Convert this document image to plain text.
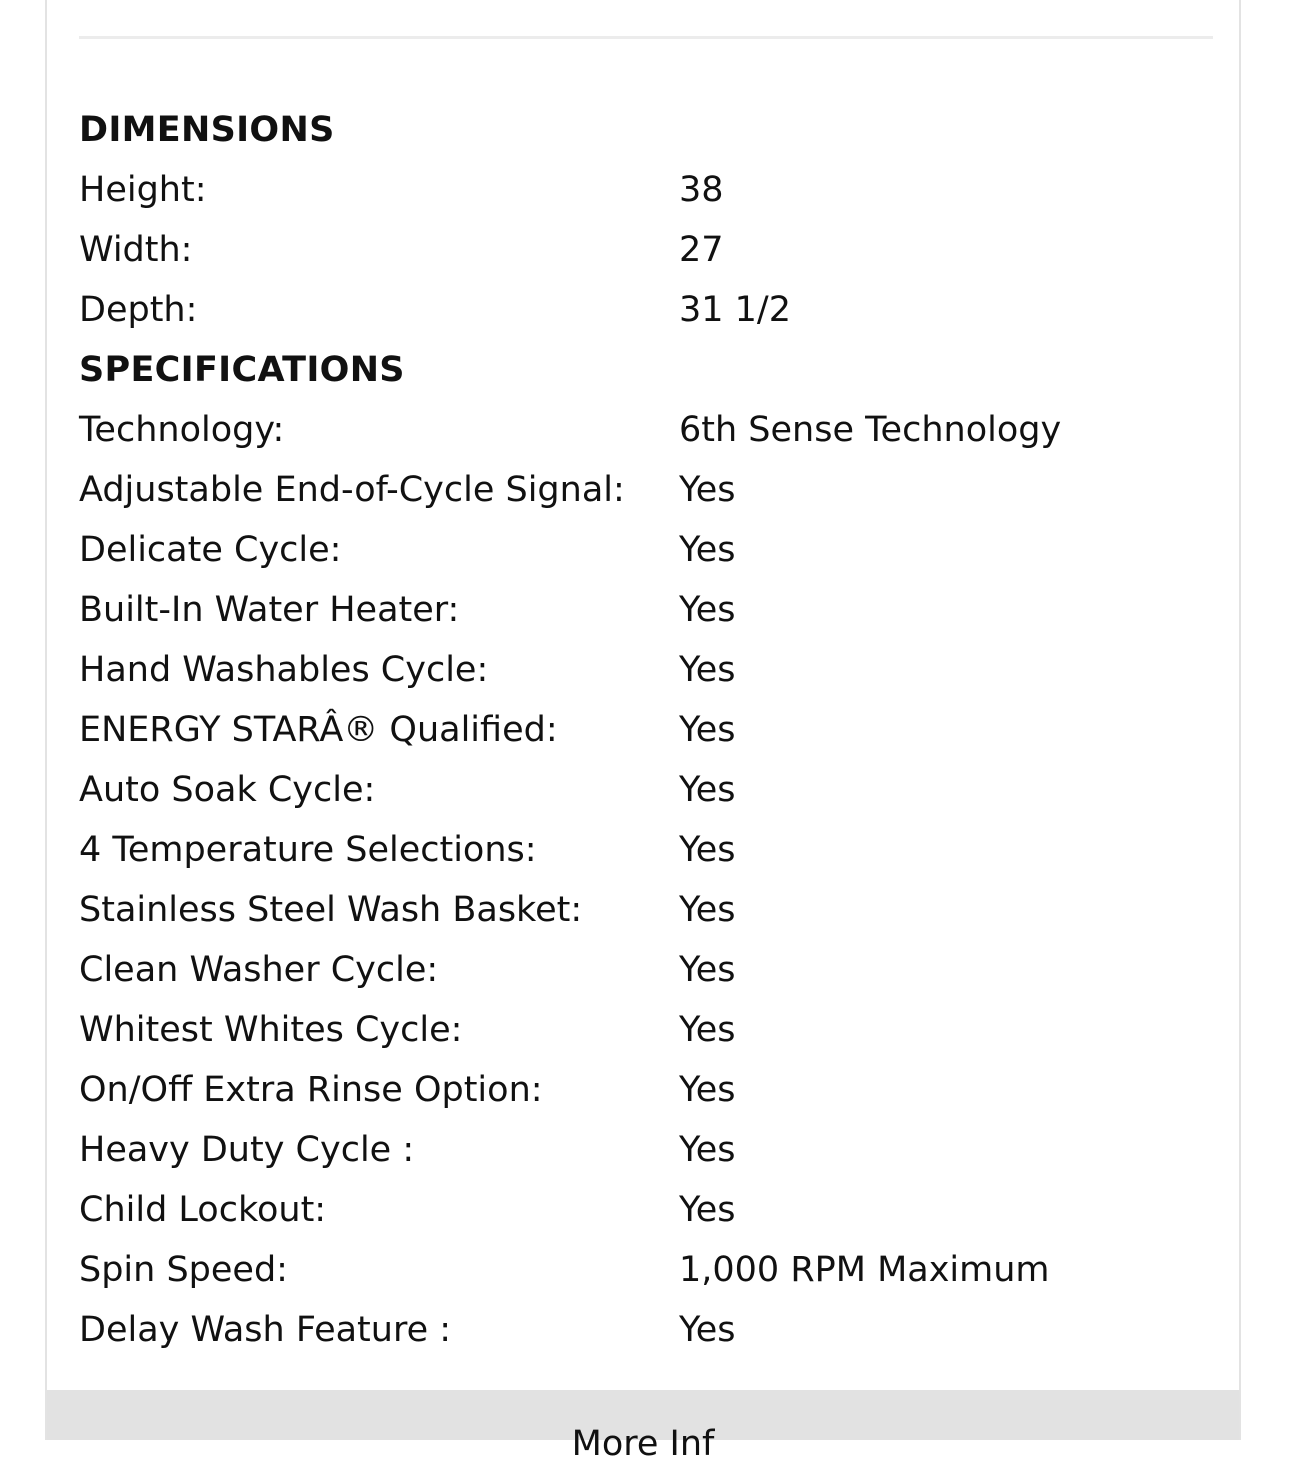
DIMENSIONS
Height:	38
Width:	27
Depth:	31 1/2
SPECIFICATIONS
Technology:	6th Sense Technology
Adjustable End-of-Cycle Signal:	Yes
Delicate Cycle:	Yes
Built-In Water Heater:	Yes
Hand Washables Cycle:	Yes
ENERGY STARÂ® Qualified:	Yes
Auto Soak Cycle:	Yes
4 Temperature Selections:	Yes
Stainless Steel Wash Basket:	Yes
Clean Washer Cycle:	Yes
Whitest Whites Cycle:	Yes
On/Off Extra Rinse Option:	Yes
Heavy Duty Cycle :	Yes
Child Lockout:	Yes
Spin Speed:	1,000 RPM Maximum
Delay Wash Feature :	Yes
More Inf
